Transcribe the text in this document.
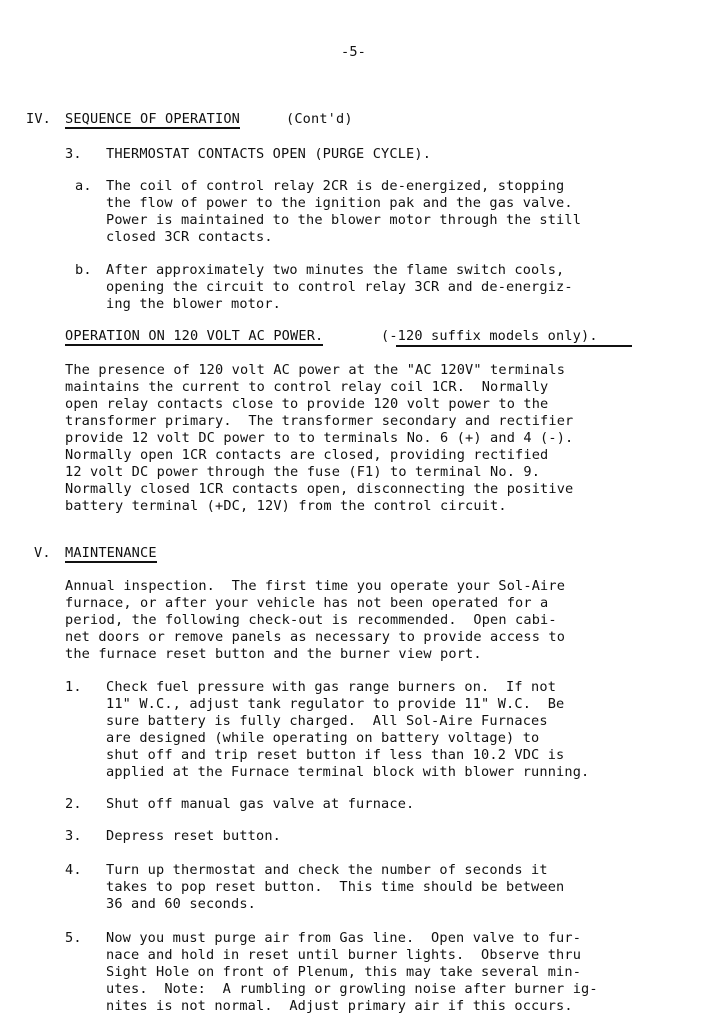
-5-
IV. SEQUENCE OF OPERATION	(Cont'd)
3. THERMOSTAT CONTACTS OPEN (PURGE CYCLE).
a. The coil of control relay 2CR is de-energized, stopping
the flow of power to the ignition pak and the gas valve.
Power is maintained to the blower motor through the still
closed 3CR contacts.
b. After approximately two minutes the flame switch cools,
opening the circuit to control relay 3CR and de-energiz-
ing the blower motor.
OPERATION ON 120 VOLT AC POWER.	(-120 suffix models only).
The presence of 120 volt AC power at the "AC 120V" terminals
maintains the current to control relay coil 1CR.  Normally
open relay contacts close to provide 120 volt power to the
transformer primary.  The transformer secondary and rectifier
provide 12 volt DC power to to terminals No. 6 (+) and 4 (-).
Normally open 1CR contacts are closed, providing rectified
12 volt DC power through the fuse (F1) to terminal No. 9.
Normally closed 1CR contacts open, disconnecting the positive
battery terminal (+DC, 12V) from the control circuit.
V. MAINTENANCE
Annual inspection.  The first time you operate your Sol-Aire
furnace, or after your vehicle has not been operated for a
period, the following check-out is recommended.  Open cabi-
net doors or remove panels as necessary to provide access to
the furnace reset button and the burner view port.
1. Check fuel pressure with gas range burners on.  If not
11" W.C., adjust tank regulator to provide 11" W.C.  Be
sure battery is fully charged.  All Sol-Aire Furnaces
are designed (while operating on battery voltage) to
shut off and trip reset button if less than 10.2 VDC is
applied at the Furnace terminal block with blower running.
2. Shut off manual gas valve at furnace.
3. Depress reset button.
4. Turn up thermostat and check the number of seconds it
takes to pop reset button.  This time should be between
36 and 60 seconds.
5. Now you must purge air from Gas line.  Open valve to fur-
nace and hold in reset until burner lights.  Observe thru
Sight Hole on front of Plenum, this may take several min-
utes.  Note:  A rumbling or growling noise after burner ig-
nites is not normal.  Adjust primary air if this occurs.
